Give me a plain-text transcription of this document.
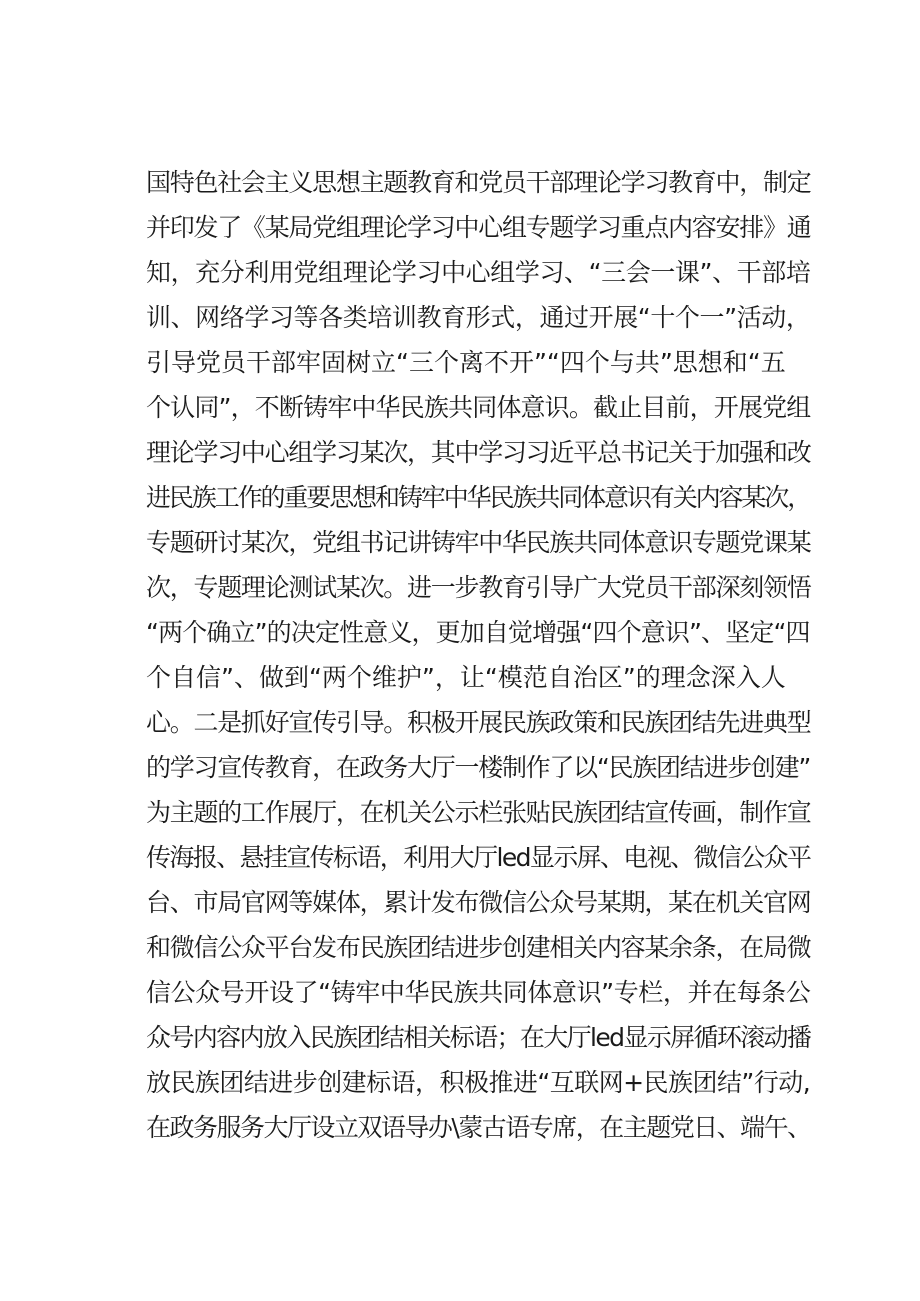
国特色社会主义思想主题教育和党员干部理论学习教育中，制定
并印发了《某局党组理论学习中心组专题学习重点内容安排》通
知，充分利用党组理论学习中心组学习、“三会一课”、干部培
训、网络学习等各类培训教育形式，通过开展“十个一”活动，
引导党员干部牢固树立“三个离不开”“四个与共”思想和“五
个认同”，不断铸牢中华民族共同体意识。截止目前，开展党组
理论学习中心组学习某次，其中学习习近平总书记关于加强和改
进民族工作的重要思想和铸牢中华民族共同体意识有关内容某次，
专题研讨某次，党组书记讲铸牢中华民族共同体意识专题党课某
次，专题理论测试某次。进一步教育引导广大党员干部深刻领悟
“两个确立”的决定性意义，更加自觉增强“四个意识”、坚定“四
个自信”、做到“两个维护”，让“模范自治区”的理念深入人
心。二是抓好宣传引导。积极开展民族政策和民族团结先进典型
的学习宣传教育，在政务大厅一楼制作了以“民族团结进步创建”
为主题的工作展厅，在机关公示栏张贴民族团结宣传画，制作宣
传海报、悬挂宣传标语，利用大厅led显示屏、电视、微信公众平
台、市局官网等媒体，累计发布微信公众号某期，某在机关官网
和微信公众平台发布民族团结进步创建相关内容某余条，在局微
信公众号开设了“铸牢中华民族共同体意识”专栏，并在每条公
众号内容内放入民族团结相关标语；在大厅led显示屏循环滚动播
放民族团结进步创建标语，积极推进“互联网+民族团结”行动,
在政务服务大厅设立双语导办\蒙古语专席，在主题党日、端午、
